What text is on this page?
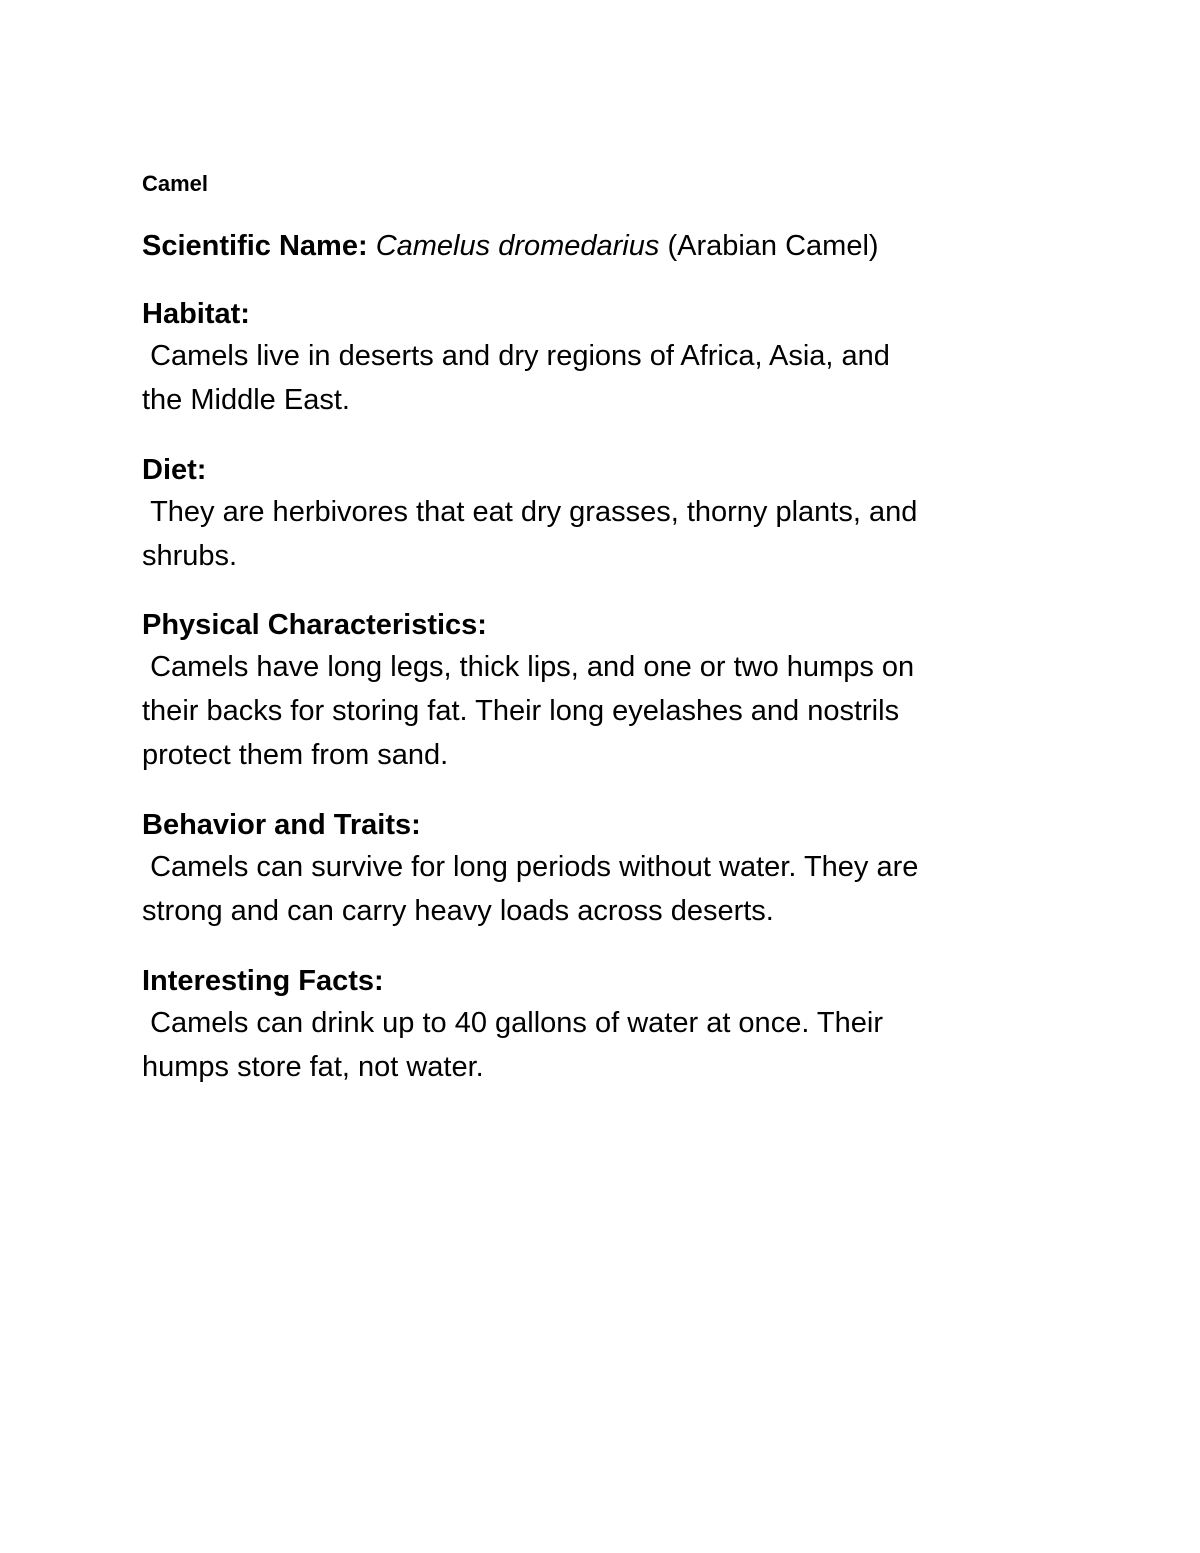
Camel

Scientific Name: Camelus dromedarius (Arabian Camel)

Habitat:

Camels live in deserts and dry regions of Africa, Asia, and

the Middle East.

Diet:

They are herbivores that eat dry grasses, thorny plants, and

shrubs.

Physical Characteristics:

Camels have long legs, thick lips, and one or two humps on

their backs for storing fat. Their long eyelashes and nostrils

protect them from sand.

Behavior and Traits:

Camels can survive for long periods without water. They are

strong and can carry heavy loads across deserts.

Interesting Facts:

Camels can drink up to 40 gallons of water at once. Their

humps store fat, not water.
